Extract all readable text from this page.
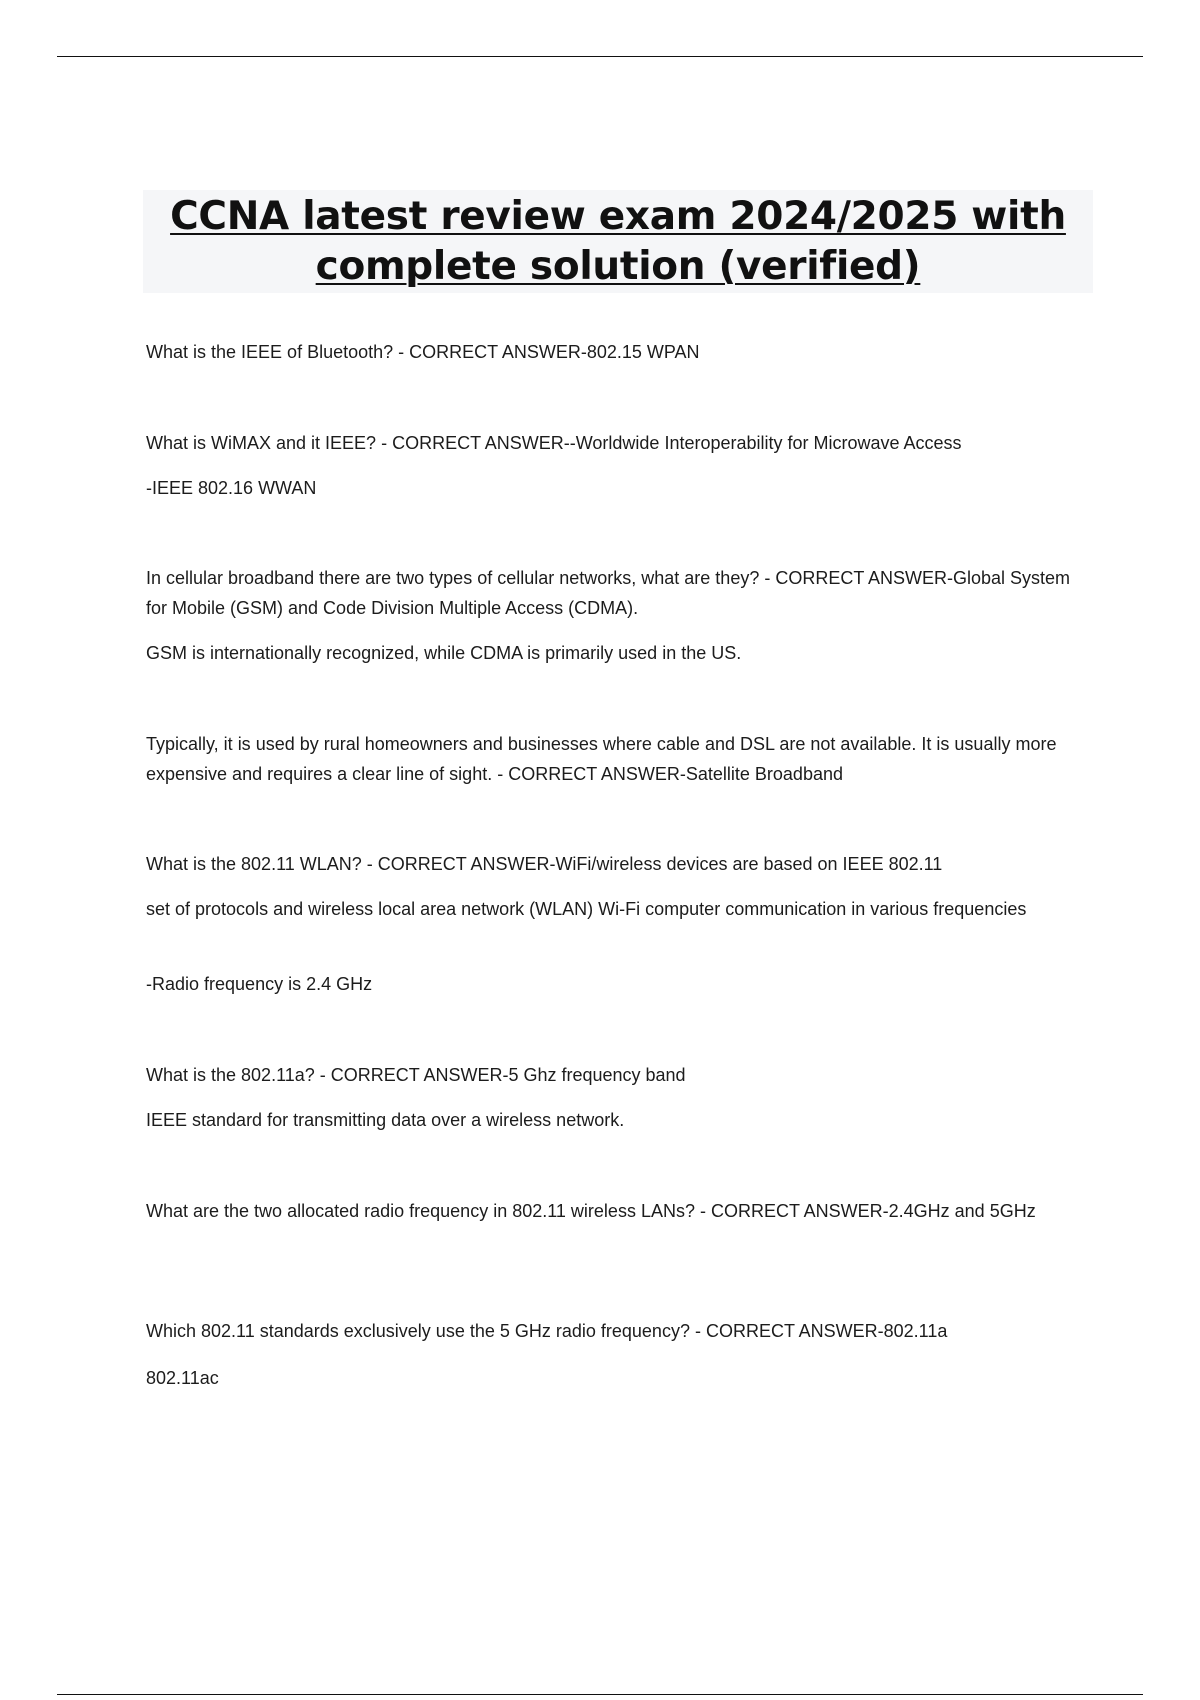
CCNA latest review exam 2024/2025 with
complete solution (verified)

What is the IEEE of Bluetooth? - CORRECT ANSWER-802.15 WPAN

What is WiMAX and it IEEE? - CORRECT ANSWER--Worldwide Interoperability for Microwave Access

-IEEE 802.16 WWAN

In cellular broadband there are two types of cellular networks, what are they? - CORRECT ANSWER-Global System for Mobile (GSM) and Code Division Multiple Access (CDMA).

GSM is internationally recognized, while CDMA is primarily used in the US.

Typically, it is used by rural homeowners and businesses where cable and DSL are not available. It is usually more expensive and requires a clear line of sight. - CORRECT ANSWER-Satellite Broadband

What is the 802.11 WLAN? - CORRECT ANSWER-WiFi/wireless devices are based on IEEE 802.11

set of protocols and wireless local area network (WLAN) Wi-Fi computer communication in various frequencies

-Radio frequency is 2.4 GHz

What is the 802.11a? - CORRECT ANSWER-5 Ghz frequency band

IEEE standard for transmitting data over a wireless network.

What are the two allocated radio frequency in 802.11 wireless LANs? - CORRECT ANSWER-2.4GHz and 5GHz

Which 802.11 standards exclusively use the 5 GHz radio frequency? - CORRECT ANSWER-802.11a

802.11ac
